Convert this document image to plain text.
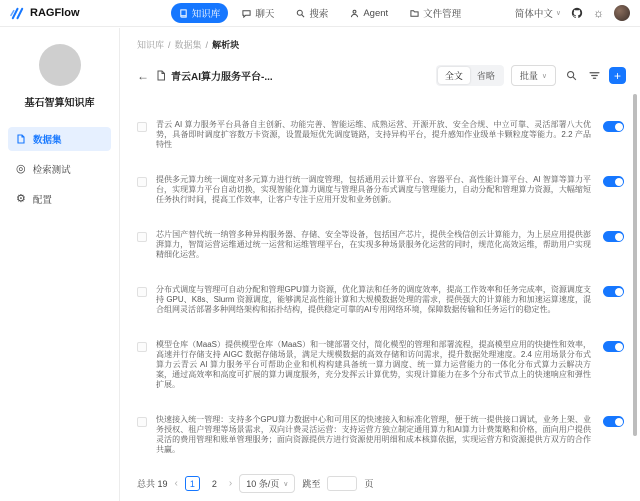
RAGFlow	知识库	聊天	搜索	Agent	文件管理	简体中文 ∨	☼
基石智算知识库
数据集
◎ 检索测试
⚙ 配置
知识库 / 数据集 / 解析块
← 青云AI算力服务平台-...	全文	省略	批量 ∨	+
青云 AI 算力服务平台具备自主创新、功能完善、智能运维、成熟运营、开源开放、安全合规、中立可靠、灵活部署八大优势，具备即时调度扩容数万卡资源，设置最短优先调度链路，支持异构平台，提升感知作业级单卡颗粒度等能力。2.2 产品特性
提供多元算力统一调度对多元算力进行统一调度管理，包括通用云计算平台、容器平台、高性能计算平台、AI 智算等算力平台，实现算力平台自动切换，实现智能化算力调度与管理具备分布式调度与管理能力，自动分配和管理算力资源，大幅缩短任务执行时间，提高工作效率，让客户专注于应用开发和业务创新。
芯片国产替代统一纳管多种异构服务器、存储、安全等设备，包括国产芯片，提供全栈信创云计算能力，为上层应用提供澎湃算力，智简运营运维通过统一运营和运维管理平台，在实现多种场景服务化运营的同时，规范化高效运维，帮助用户实现精细化运营。
分布式调度与管理可自动分配和管理GPU算力资源，优化算法和任务的调度效率，提高工作效率和任务完成率，资源调度支持 GPU、K8s、Slurm 资源调度，能够满足高性能计算和大规模数据处理的需求，提供强大的计算能力和加速运算速度，混合组网灵活部署多种网络架构和拓扑结构，提供稳定可靠的AI专用网络环境，保障数据传输和任务运行的稳定性。
模型仓库（MaaS）提供模型仓库（MaaS）和一键部署交付，简化模型的管理和部署流程，提高模型应用的快捷性和效率，高速并行存储支持 AIGC 数据存储场景，满足大规模数据的高效存储和访问需求，提升数据处理速度。2.4 应用场景分布式算力云青云 AI 算力服务平台可帮助企业和机构构建具备统一算力调度、统一算力运营能力的一体化分布式算力云解决方案，通过高效率和高度可扩展的算力调度服务，充分发挥云计算优势，实现计算能力在多个分布式节点上的快速响应和弹性扩展。
快速接入统一管理：支持多个GPU算力数据中心和可用区的快速接入和标准化管理，便于统一提供接口调试，业务上架、业务授权、租户管理等场景需求，双向计费灵活运营：支持运营方独立制定通用算力和AI算力计费策略和价格，面向用户提供灵活的费用管理和账单管理服务；面向资源提供方进行资源使用明细和成本核算依据，实现运营方和资源提供方双方的合作共赢。
总共 19 ‹	1	2	› 10 条/页 ∨ 跳至	页
